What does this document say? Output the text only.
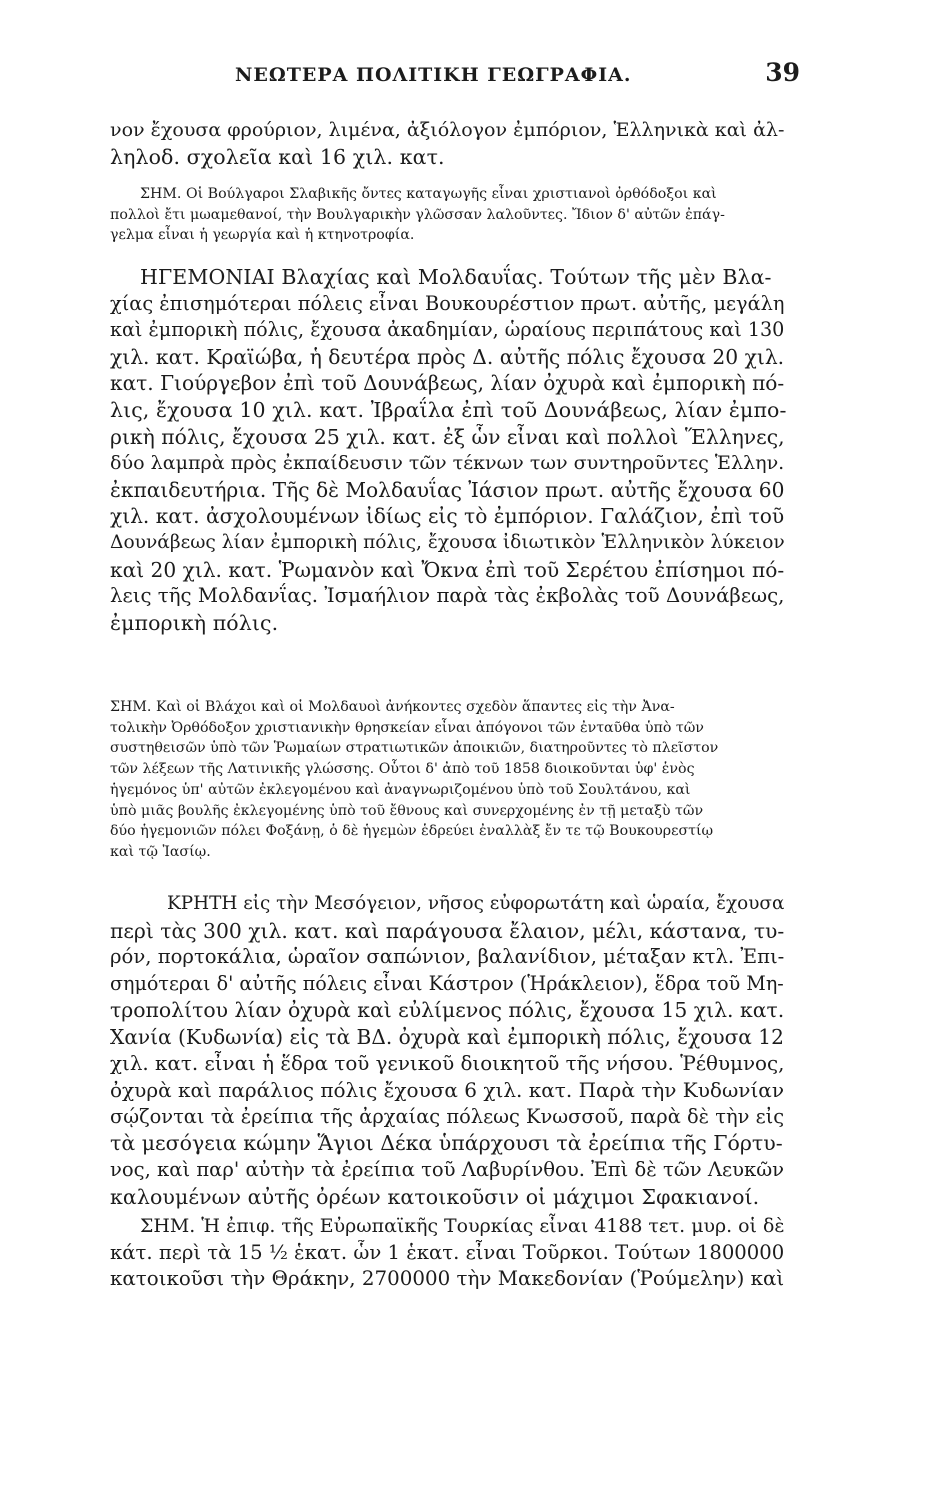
ΝΕΩΤΕΡΑ ΠΟΛΙΤΙΚΗ ΓΕΩΓΡΑΦΙΑ.	39
νον ἔχουσα φρούριον, λιμένα, ἀξιόλογον ἐμπόριον, Ἑλληνικὰ καὶ ἀλ-
ληλοδ. σχολεῖα καὶ 16 χιλ. κατ.
ΣΗΜ. Οἱ Βούλγαροι Σλαβικῆς ὄντες καταγωγῆς εἶναι χριστιανοὶ ὀρθόδοξοι καὶ
πολλοὶ ἔτι μωαμεθανοί, τὴν Βουλγαρικὴν γλῶσσαν λαλοῦντες. Ἴδιον δ' αὐτῶν ἐπάγ-
γελμα εἶναι ἡ γεωργία καὶ ἡ κτηνοτροφία.
ΗΓΕΜΟΝΙΑΙ Βλαχίας καὶ Μολδαυΐας. Τούτων τῆς μὲν Βλα-
χίας ἐπισημότεραι πόλεις εἶναι Βουκουρέστιον πρωτ. αὐτῆς, μεγάλη
καὶ ἐμπορικὴ πόλις, ἔχουσα ἀκαδημίαν, ὡραίους περιπάτους καὶ 130
χιλ. κατ. Κραϊώβα, ἡ δευτέρα πρὸς Δ. αὐτῆς πόλις ἔχουσα 20 χιλ.
κατ. Γιούργεβον ἐπὶ τοῦ Δουνάβεως, λίαν ὀχυρὰ καὶ ἐμπορικὴ πό-
λις, ἔχουσα 10 χιλ. κατ. Ἰβραΐλα ἐπὶ τοῦ Δουνάβεως, λίαν ἐμπο-
ρικὴ πόλις, ἔχουσα 25 χιλ. κατ. ἐξ ὧν εἶναι καὶ πολλοὶ Ἕλληνες,
δύο λαμπρὰ πρὸς ἐκπαίδευσιν τῶν τέκνων των συντηροῦντες Ἑλλην.
ἐκπαιδευτήρια. Τῆς δὲ Μολδαυΐας Ἰάσιον πρωτ. αὐτῆς ἔχουσα 60
χιλ. κατ. ἀσχολουμένων ἰδίως εἰς τὸ ἐμπόριον. Γαλάζιον, ἐπὶ τοῦ
Δουνάβεως λίαν ἐμπορικὴ πόλις, ἔχουσα ἰδιωτικὸν Ἑλληνικὸν λύκειον
καὶ 20 χιλ. κατ. Ῥωμανὸν καὶ Ὄκνα ἐπὶ τοῦ Σερέτου ἐπίσημοι πό-
λεις τῆς Μολδανΐας. Ἰσμαήλιον παρὰ τὰς ἐκβολὰς τοῦ Δουνάβεως,
ἐμπορικὴ πόλις.
ΣΗΜ. Καὶ οἱ Βλάχοι καὶ οἱ Μολδαυοὶ ἀνήκοντες σχεδὸν ἅπαντες εἰς τὴν Ἀνα-
τολικὴν Ὀρθόδοξον χριστιανικὴν θρησκείαν εἶναι ἀπόγονοι τῶν ἐνταῦθα ὑπὸ τῶν
συστηθεισῶν ὑπὸ τῶν Ῥωμαίων στρατιωτικῶν ἀποικιῶν, διατηροῦντες τὸ πλεῖστον
τῶν λέξεων τῆς Λατινικῆς γλώσσης. Οὗτοι δ' ἀπὸ τοῦ 1858 διοικοῦνται ὑφ' ἑνὸς
ἡγεμόνος ὑπ' αὐτῶν ἐκλεγομένου καὶ ἀναγνωριζομένου ὑπὸ τοῦ Σουλτάνου, καὶ
ὑπὸ μιᾶς βουλῆς ἐκλεγομένης ὑπὸ τοῦ ἔθνους καὶ συνερχομένης ἐν τῇ μεταξὺ τῶν
δύο ἡγεμονιῶν πόλει Φοξάνῃ, ὁ δὲ ἡγεμὼν ἑδρεύει ἐναλλὰξ ἔν τε τῷ Βουκουρεστίῳ
καὶ τῷ Ἰασίῳ.
ΚΡΗΤΗ εἰς τὴν Μεσόγειον, νῆσος εὐφορωτάτη καὶ ὡραία, ἔχουσα
περὶ τὰς 300 χιλ. κατ. καὶ παράγουσα ἔλαιον, μέλι, κάστανα, τυ-
ρόν, πορτοκάλια, ὡραῖον σαπώνιον, βαλανίδιον, μέταξαν κτλ. Ἐπι-
σημότεραι δ' αὐτῆς πόλεις εἶναι Κάστρον (Ἡράκλειον), ἕδρα τοῦ Μη-
τροπολίτου λίαν ὀχυρὰ καὶ εὐλίμενος πόλις, ἔχουσα 15 χιλ. κατ.
Χανία (Κυδωνία) εἰς τὰ ΒΔ. ὀχυρὰ καὶ ἐμπορικὴ πόλις, ἔχουσα 12
χιλ. κατ. εἶναι ἡ ἕδρα τοῦ γενικοῦ διοικητοῦ τῆς νήσου. Ῥέθυμνος,
ὀχυρὰ καὶ παράλιος πόλις ἔχουσα 6 χιλ. κατ. Παρὰ τὴν Κυδωνίαν
σῴζονται τὰ ἐρείπια τῆς ἀρχαίας πόλεως Κνωσσοῦ, παρὰ δὲ τὴν εἰς
τὰ μεσόγεια κώμην Ἅγιοι Δέκα ὑπάρχουσι τὰ ἐρείπια τῆς Γόρτυ-
νος, καὶ παρ' αὐτὴν τὰ ἐρείπια τοῦ Λαβυρίνθου. Ἐπὶ δὲ τῶν Λευκῶν
καλουμένων αὐτῆς ὀρέων κατοικοῦσιν οἱ μάχιμοι Σφακιανοί.
ΣΗΜ. Ἡ ἐπιφ. τῆς Εὐρωπαϊκῆς Τουρκίας εἶναι 4188 τετ. μυρ. οἱ δὲ
κάτ. περὶ τὰ 15 ½ ἑκατ. ὧν 1 ἑκατ. εἶναι Τοῦρκοι. Τούτων 1800000
κατοικοῦσι τὴν Θράκην, 2700000 τὴν Μακεδονίαν (Ῥούμελην) καὶ
